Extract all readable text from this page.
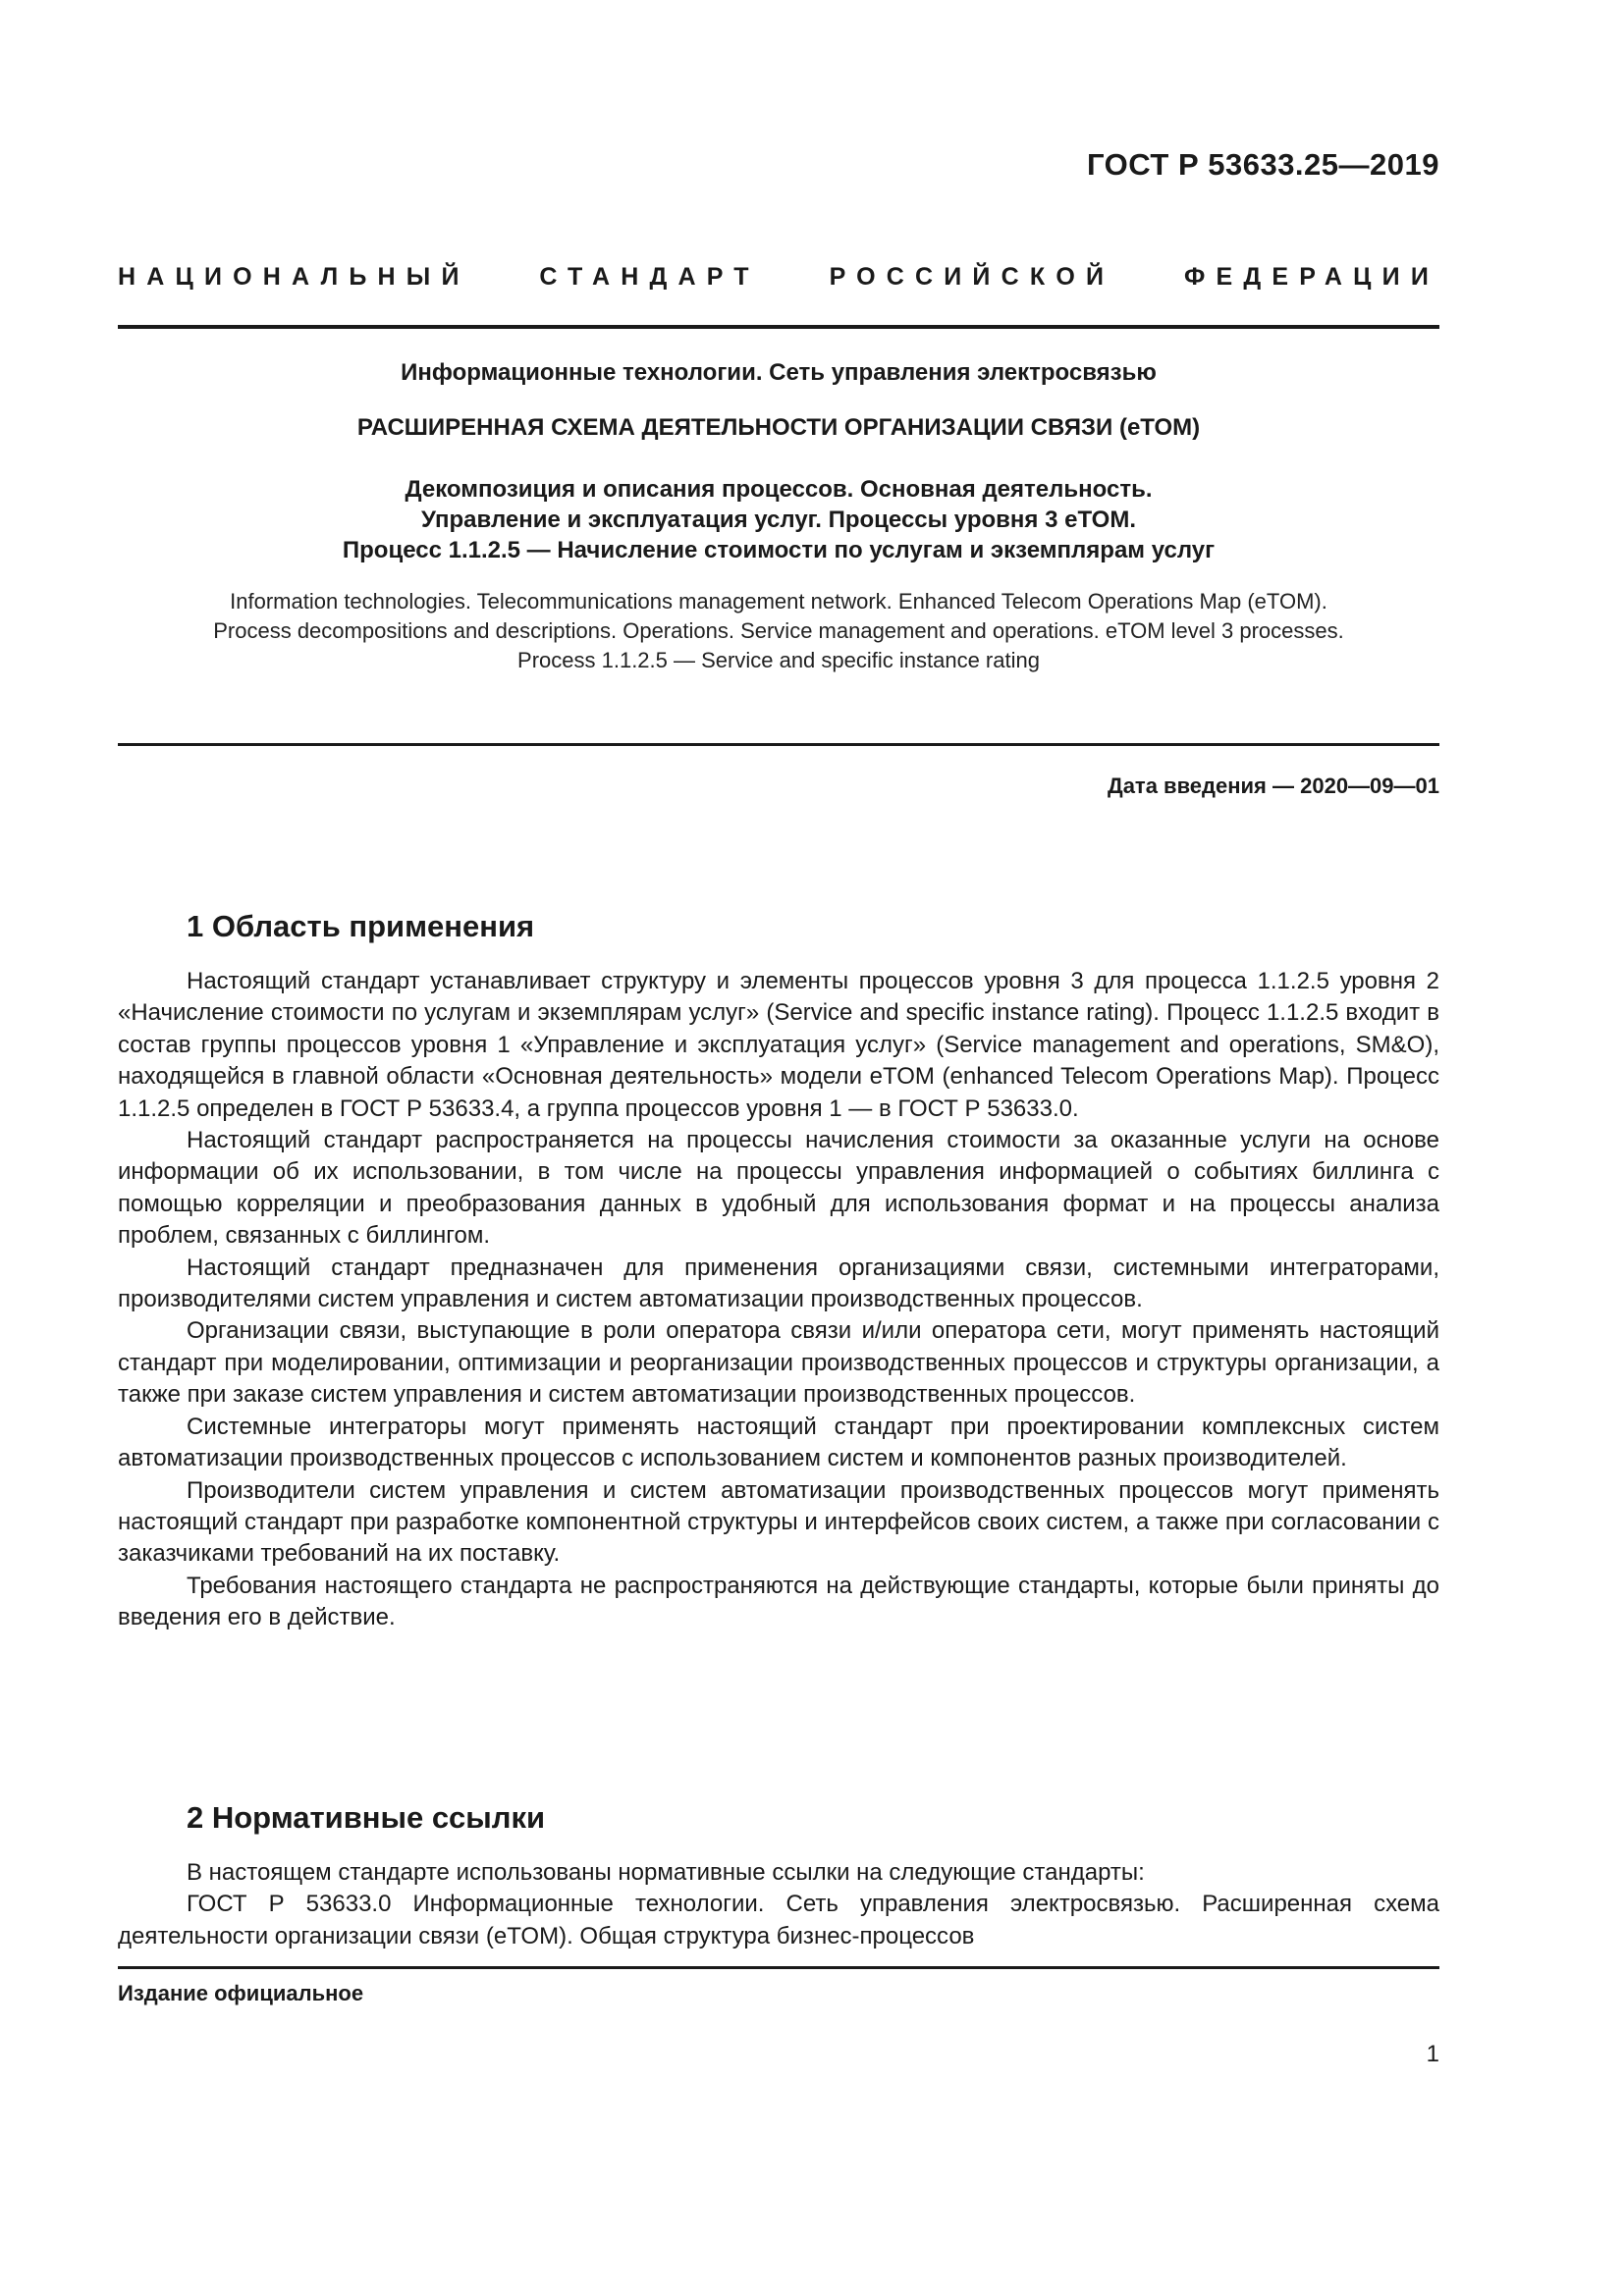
ГОСТ Р 53633.25—2019
НАЦИОНАЛЬНЫЙ СТАНДАРТ РОССИЙСКОЙ ФЕДЕРАЦИИ
Информационные технологии. Сеть управления электросвязью
РАСШИРЕННАЯ СХЕМА ДЕЯТЕЛЬНОСТИ ОРГАНИЗАЦИИ СВЯЗИ (eTOM)
Декомпозиция и описания процессов. Основная деятельность.
Управление и эксплуатация услуг. Процессы уровня 3 eTOM.
Процесс 1.1.2.5 — Начисление стоимости по услугам и экземплярам услуг
Information technologies. Telecommunications management network. Enhanced Telecom Operations Map (eTOM).
Process decompositions and descriptions. Operations. Service management and operations. eTOM level 3 processes.
Process 1.1.2.5 — Service and specific instance rating
Дата введения — 2020—09—01
1 Область применения

Настоящий стандарт устанавливает структуру и элементы процессов уровня 3 для процесса 1.1.2.5 уровня 2 «Начисление стоимости по услугам и экземплярам услуг» (Service and specific instance rating). Процесс 1.1.2.5 входит в состав группы процессов уровня 1 «Управление и эксплуатация услуг» (Service management and operations, SM&O), находящейся в главной области «Основная деятельность» модели eTOM (enhanced Telecom Operations Map). Процесс 1.1.2.5 определен в ГОСТ Р 53633.4, а группа процессов уровня 1 — в ГОСТ Р 53633.0.

Настоящий стандарт распространяется на процессы начисления стоимости за оказанные услуги на основе информации об их использовании, в том числе на процессы управления информацией о событиях биллинга с помощью корреляции и преобразования данных в удобный для использования формат и на процессы анализа проблем, связанных с биллингом.

Настоящий стандарт предназначен для применения организациями связи, системными интеграторами, производителями систем управления и систем автоматизации производственных процессов.

Организации связи, выступающие в роли оператора связи и/или оператора сети, могут применять настоящий стандарт при моделировании, оптимизации и реорганизации производственных процессов и структуры организации, а также при заказе систем управления и систем автоматизации производственных процессов.

Системные интеграторы могут применять настоящий стандарт при проектировании комплексных систем автоматизации производственных процессов с использованием систем и компонентов разных производителей.

Производители систем управления и систем автоматизации производственных процессов могут применять настоящий стандарт при разработке компонентной структуры и интерфейсов своих систем, а также при согласовании с заказчиками требований на их поставку.

Требования настоящего стандарта не распространяются на действующие стандарты, которые были приняты до введения его в действие.

2 Нормативные ссылки

В настоящем стандарте использованы нормативные ссылки на следующие стандарты:

ГОСТ Р 53633.0 Информационные технологии. Сеть управления электросвязью. Расширенная схема деятельности организации связи (eTOM). Общая структура бизнес-процессов

Издание официальное
1
